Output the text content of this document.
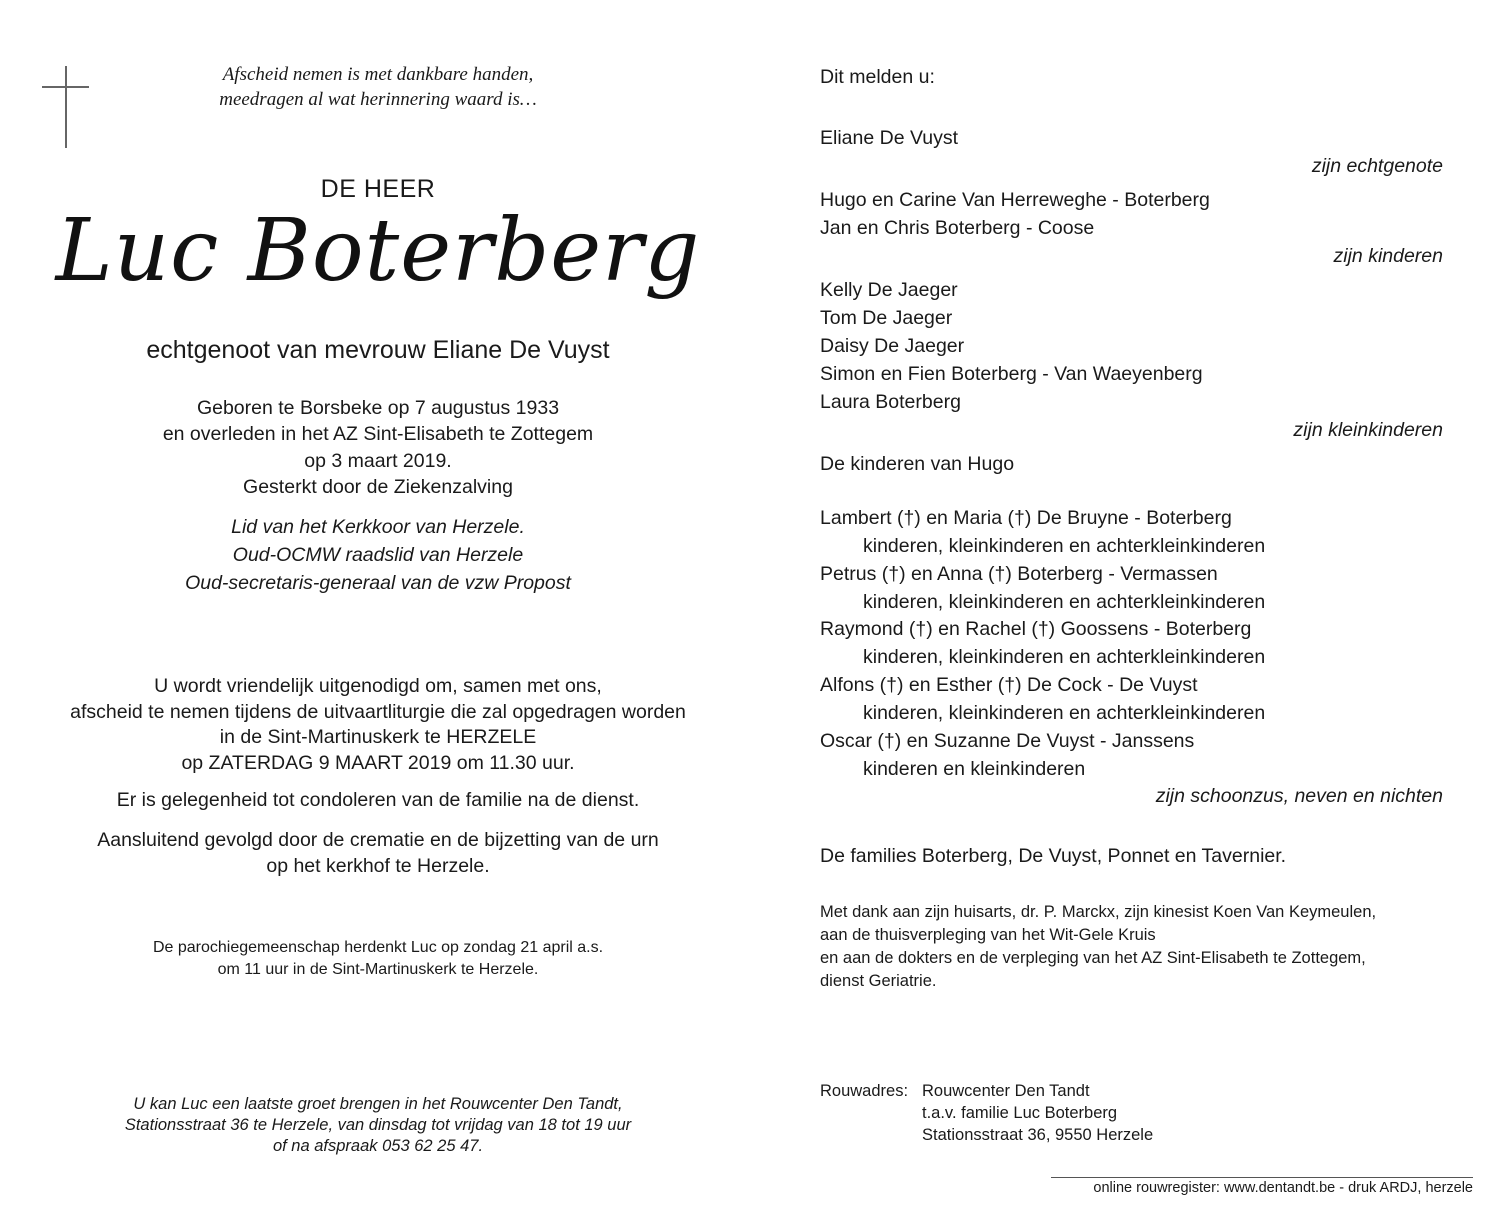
Afscheid nemen is met dankbare handen,
meedragen al wat herinnering waard is…
DE HEER
Luc Boterberg
echtgenoot van mevrouw Eliane De Vuyst
Geboren te Borsbeke op 7 augustus 1933
en overleden in het AZ Sint-Elisabeth te Zottegem
op 3 maart 2019.
Gesterkt door de Ziekenzalving
Lid van het Kerkkoor van Herzele.
Oud-OCMW raadslid van Herzele
Oud-secretaris-generaal van de vzw Propost
U wordt vriendelijk uitgenodigd om, samen met ons,
afscheid te nemen tijdens de uitvaartliturgie die zal opgedragen worden
in de Sint-Martinuskerk te HERZELE
op ZATERDAG 9 MAART 2019 om 11.30 uur.
Er is gelegenheid tot condoleren van de familie na de dienst.
Aansluitend gevolgd door de crematie en de bijzetting van de urn
op het kerkhof te Herzele.
De parochiegemeenschap herdenkt Luc op zondag 21 april a.s.
om 11 uur in de Sint-Martinuskerk te Herzele.
U kan Luc een laatste groet brengen in het Rouwcenter Den Tandt,
Stationsstraat 36 te Herzele, van dinsdag tot vrijdag van 18 tot 19 uur
of na afspraak 053 62 25 47.
Dit melden u:
Eliane De Vuyst
zijn echtgenote
Hugo en Carine Van Herreweghe - Boterberg
Jan en Chris Boterberg - Coose
zijn kinderen
Kelly De Jaeger
Tom De Jaeger
Daisy De Jaeger
Simon en Fien Boterberg - Van Waeyenberg
Laura Boterberg
zijn kleinkinderen
De kinderen van Hugo
Lambert (†) en Maria (†) De Bruyne - Boterberg
kinderen, kleinkinderen en achterkleinkinderen
Petrus (†) en Anna (†) Boterberg - Vermassen
kinderen, kleinkinderen en achterkleinkinderen
Raymond (†) en Rachel (†) Goossens - Boterberg
kinderen, kleinkinderen en achterkleinkinderen
Alfons (†) en Esther (†) De Cock - De Vuyst
kinderen, kleinkinderen en achterkleinkinderen
Oscar (†) en Suzanne De Vuyst - Janssens
kinderen en kleinkinderen
zijn schoonzus, neven en nichten
De families Boterberg, De Vuyst, Ponnet en Tavernier.
Met dank aan zijn huisarts, dr. P. Marckx, zijn kinesist Koen Van Keymeulen,
aan de thuisverpleging van het Wit-Gele Kruis
en aan de dokters en de verpleging van het AZ Sint-Elisabeth te Zottegem,
dienst Geriatrie.
Rouwadres: Rouwcenter Den Tandt
t.a.v. familie Luc Boterberg
Stationsstraat 36, 9550 Herzele
online rouwregister: www.dentandt.be - druk ARDJ, herzele
